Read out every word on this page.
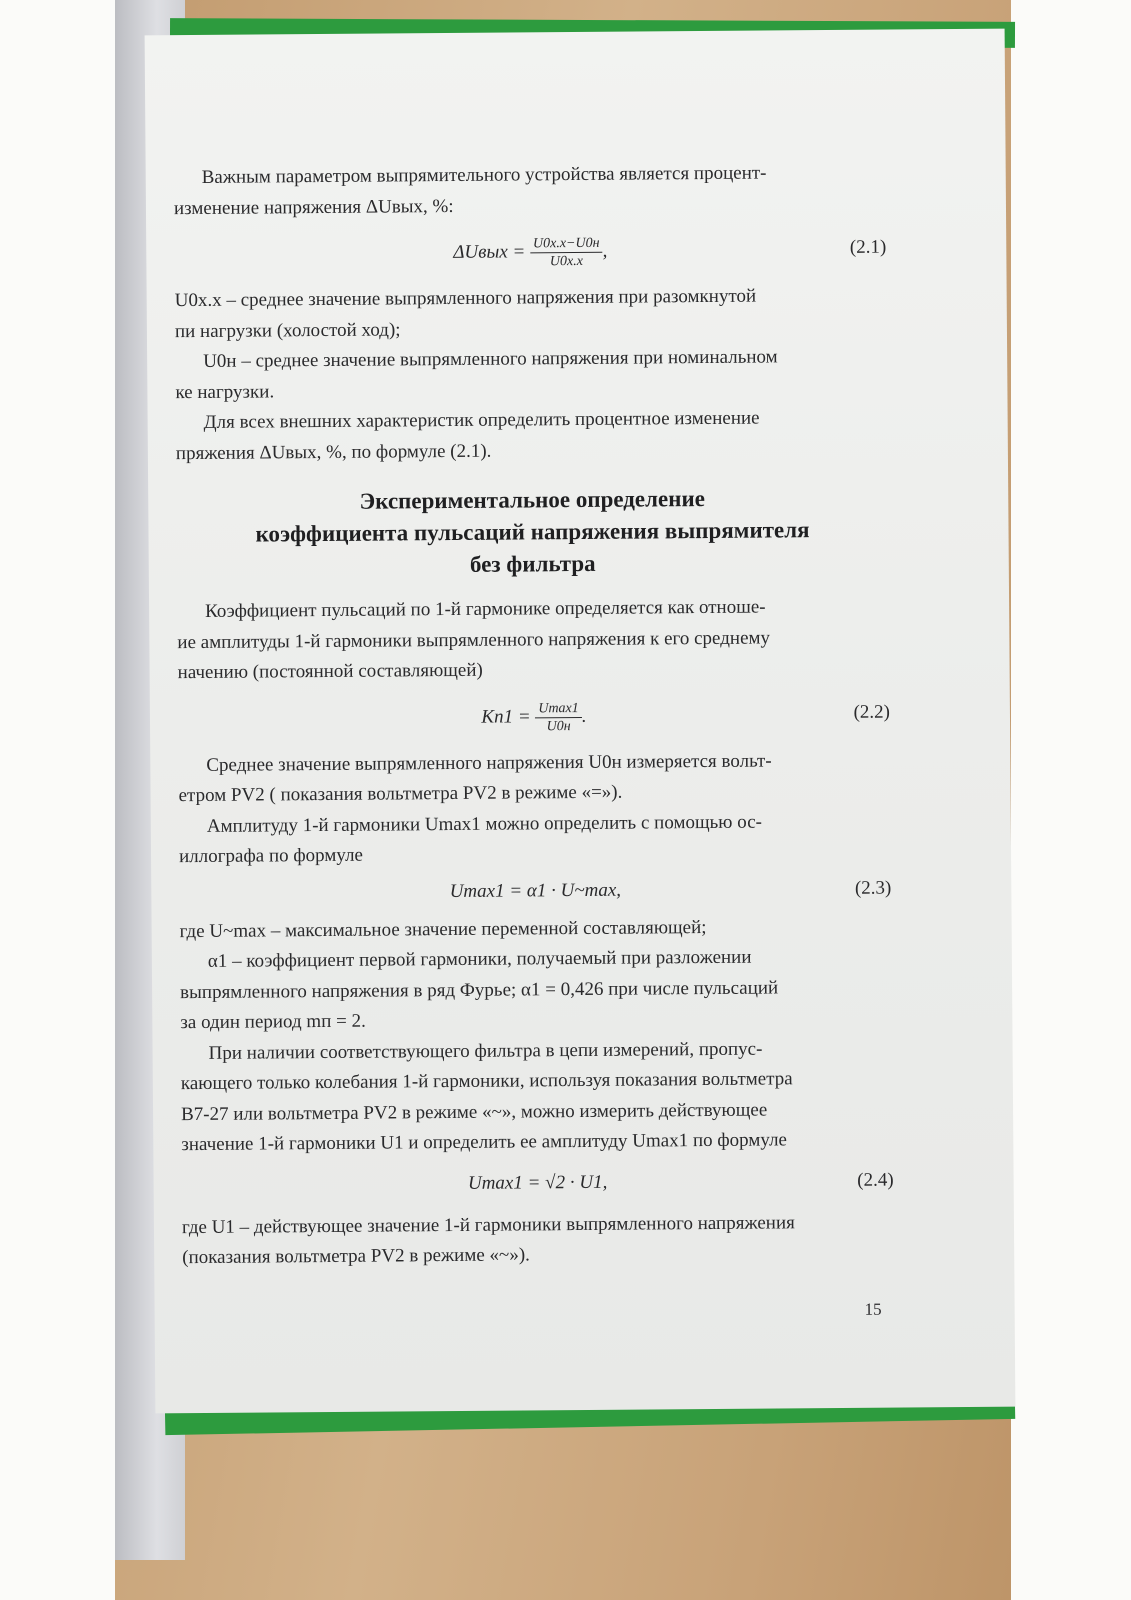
Важным параметром выпрямительного устройства является процент-

изменение напряжения ΔUвых, %:

ΔUвых = $\frac{U0х.х-U0н}{U0х.х}$ ,	(2.1)

U0х.х – среднее значение выпрямленного напряжения при разомкнутой

пи нагрузки (холостой ход);

U0н – среднее значение выпрямленного напряжения при номинальном

ке нагрузки.

Для всех внешних характеристик определить процентное изменение

пряжения ΔUвых, %, по формуле (2.1).

Экспериментальное определение
коэффициента пульсаций напряжения выпрямителя
без фильтра

Коэффициент пульсаций по 1-й гармонике определяется как отноше-

ие амплитуды 1-й гармоники выпрямленного напряжения к его среднему

начению (постоянной составляющей)

$Kп1 = \frac{Umax1}{U0н}$ .	(2.2)

Среднее значение выпрямленного напряжения U0н измеряется вольт-

етром PV2 ( показания вольтметра PV2 в режиме «=»).

Амплитуду 1-й гармоники Umax1 можно определить с помощью ос-

иллографа по формуле

Umax1 = α1 · U~max,	(2.3)

где U~max – максимальное значение переменной составляющей;

α1 – коэффициент первой гармоники, получаемый при разложении

выпрямленного напряжения в ряд Фурье; α1 = 0,426 при числе пульсаций

за один период mп = 2.

При наличии соответствующего фильтра в цепи измерений, пропус-

кающего только колебания 1-й гармоники, используя показания вольтметра

В7-27 или вольтметра PV2 в режиме «~», можно измерить действующее

значение 1-й гармоники U1 и определить ее амплитуду Umax1 по формуле

Umax1 = √2 · U1,	(2.4)

где U1 – действующее значение 1-й гармоники выпрямленного напряжения

(показания вольтметра PV2 в режиме «~»).

15
